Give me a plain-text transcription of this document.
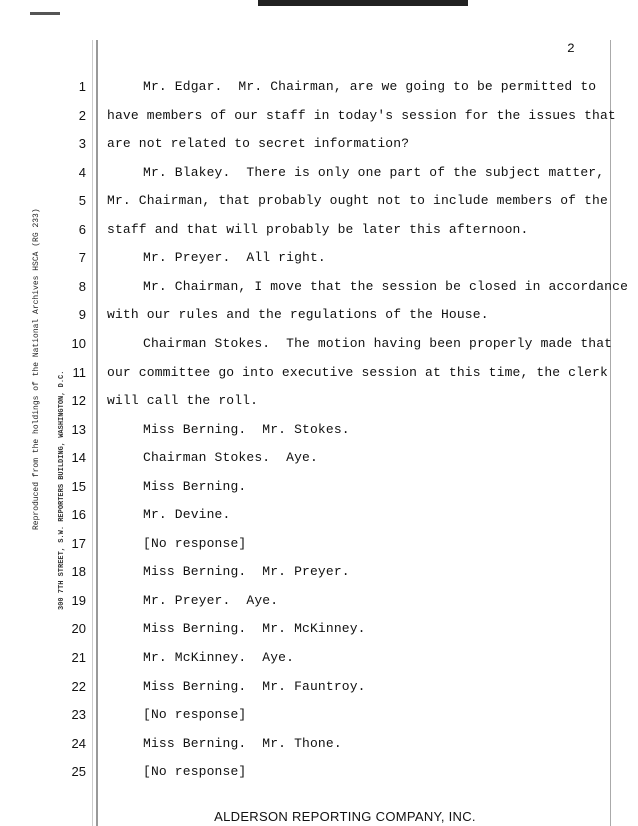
Reproduced from the holdings of the National Archives HSCA (RG 233) 300 7TH STREET, S.W. REPORTERS BUILDING, WASHINGTON, D.C.
2
1	Mr. Edgar.  Mr. Chairman, are we going to be permitted to
2 have members of our staff in today's session for the issues that
3 are not related to secret information?
4	Mr. Blakey.  There is only one part of the subject matter,
5 Mr. Chairman, that probably ought not to include members of the
6 staff and that will probably be later this afternoon.
7	Mr. Preyer.  All right.
8	Mr. Chairman, I move that the session be closed in accordance
9 with our rules and the regulations of the House.
10	Chairman Stokes.  The motion having been properly made that
11 our committee go into executive session at this time, the clerk
12 will call the roll.
13	Miss Berning.  Mr. Stokes.
14	Chairman Stokes.  Aye.
15	Miss Berning.
16	Mr. Devine.
17	[No response]
18	Miss Berning.  Mr. Preyer.
19	Mr. Preyer.  Aye.
20	Miss Berning.  Mr. McKinney.
21	Mr. McKinney.  Aye.
22	Miss Berning.  Mr. Fauntroy.
23	[No response]
24	Miss Berning.  Mr. Thone.
25	[No response]
ALDERSON REPORTING COMPANY, INC.
